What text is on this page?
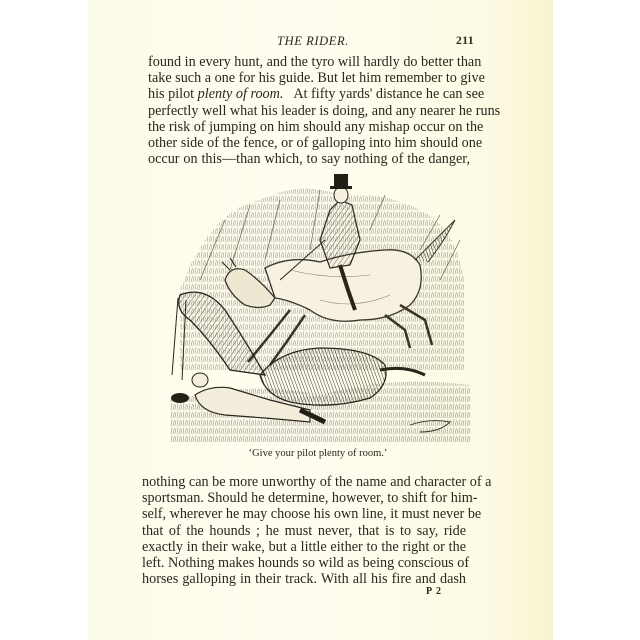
THE RIDER.	211
found in every hunt, and the tyro will hardly do better than
take such a one for his guide. But let him remember to give
his pilot plenty of room. At fifty yards' distance he can see
perfectly well what his leader is doing, and any nearer he runs
the risk of jumping on him should any mishap occur on the
other side of the fence, or of galloping into him should one
occur on this—than which, to say nothing of the danger,
‘Give your pilot plenty of room.’
nothing can be more unworthy of the name and character of a
sportsman. Should he determine, however, to shift for him-
self, wherever he may choose his own line, it must never be
that of the hounds ; he must never, that is to say, ride
exactly in their wake, but a little either to the right or the
left. Nothing makes hounds so wild as being conscious of
horses galloping in their track. With all his fire and dash
P 2
